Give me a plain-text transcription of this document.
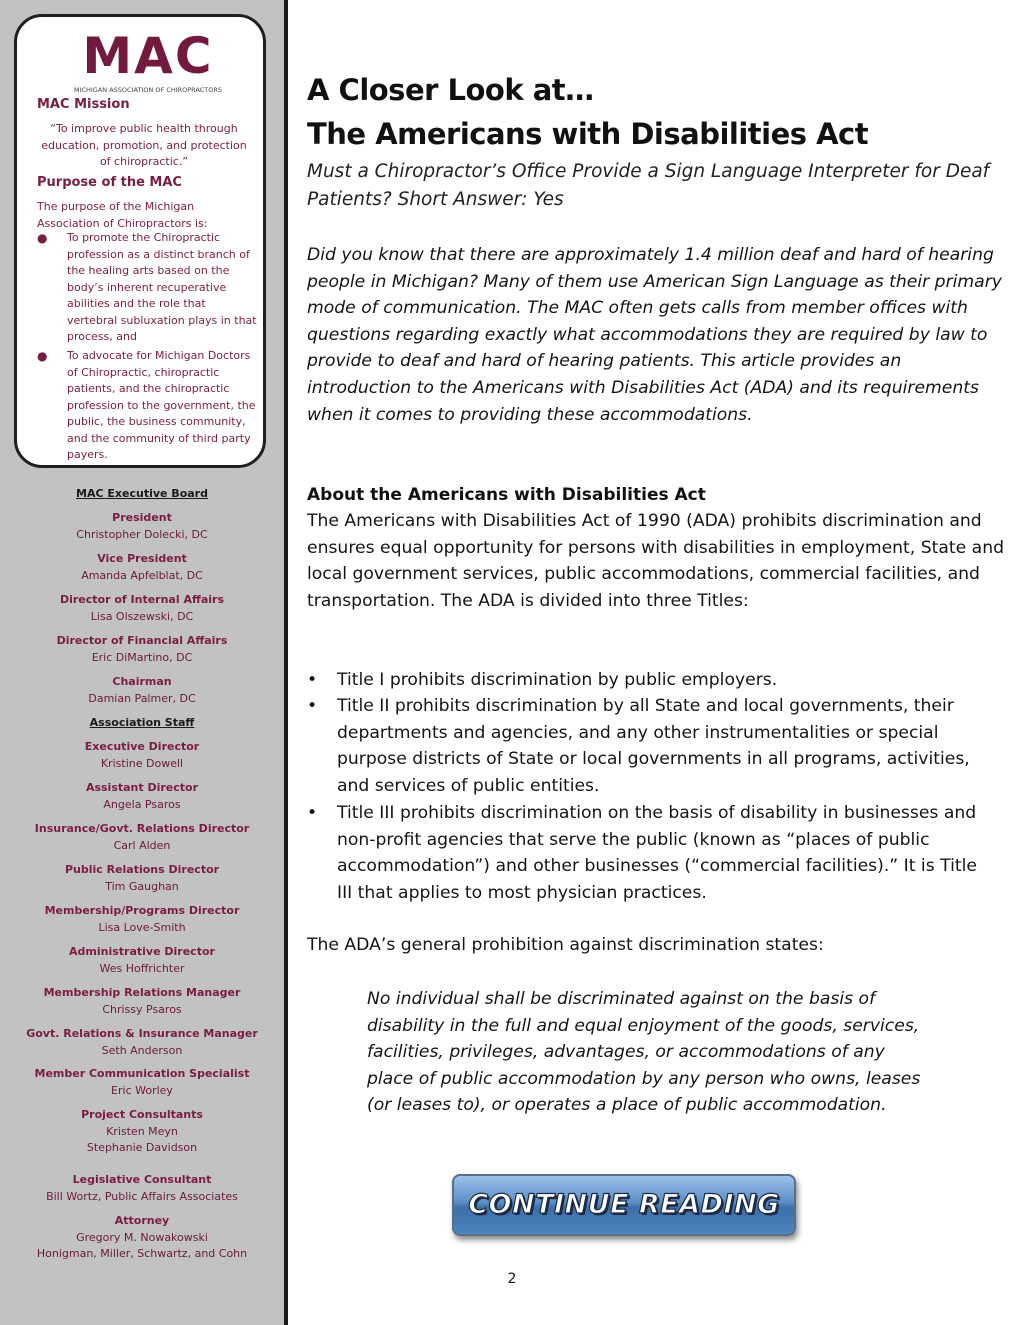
MAC
MICHIGAN ASSOCIATION OF CHIROPRACTORS
MAC Mission
“To improve public health through education, promotion, and protection of chiropractic.”
Purpose of the MAC
The purpose of the Michigan Association of Chiropractors is:
● To promote the Chiropractic profession as a distinct branch of the healing arts based on the body’s inherent recuperative abilities and the role that vertebral subluxation plays in that process, and
● To advocate for Michigan Doctors of Chiropractic, chiropractic patients, and the chiropractic profession to the government, the public, the business community, and the community of third party payers.
MAC Executive Board
President
Christopher Dolecki, DC
Vice President
Amanda Apfelblat, DC
Director of Internal Affairs
Lisa Olszewski, DC
Director of Financial Affairs
Eric DiMartino, DC
Chairman
Damian Palmer, DC
Association Staff
Executive Director
Kristine Dowell
Assistant Director
Angela Psaros
Insurance/Govt. Relations Director
Carl Alden
Public Relations Director
Tim Gaughan
Membership/Programs Director
Lisa Love-Smith
Administrative Director
Wes Hoffrichter
Membership Relations Manager
Chrissy Psaros
Govt. Relations & Insurance Manager
Seth Anderson
Member Communication Specialist
Eric Worley
Project Consultants
Kristen Meyn
Stephanie Davidson
Legislative Consultant
Bill Wortz, Public Affairs Associates
Attorney
Gregory M. Nowakowski
Honigman, Miller, Schwartz, and Cohn
A Closer Look at…
The Americans with Disabilities Act
Must a Chiropractor’s Office Provide a Sign Language Interpreter for Deaf Patients? Short Answer: Yes
Did you know that there are approximately 1.4 million deaf and hard of hearing people in Michigan? Many of them use American Sign Language as their primary mode of communication. The MAC often gets calls from member offices with questions regarding exactly what accommodations they are required by law to provide to deaf and hard of hearing patients. This article provides an introduction to the Americans with Disabilities Act (ADA) and its requirements when it comes to providing these accommodations.
About the Americans with Disabilities Act
The Americans with Disabilities Act of 1990 (ADA) prohibits discrimination and ensures equal opportunity for persons with disabilities in employment, State and local government services, public accommodations, commercial facilities, and transportation. The ADA is divided into three Titles:
• Title I prohibits discrimination by public employers.
• Title II prohibits discrimination by all State and local governments, their departments and agencies, and any other instrumentalities or special purpose districts of State or local governments in all programs, activities, and services of public entities.
• Title III prohibits discrimination on the basis of disability in businesses and non-profit agencies that serve the public (known as “places of public accommodation”) and other businesses (“commercial facilities).” It is Title III that applies to most physician practices.
The ADA’s general prohibition against discrimination states:
No individual shall be discriminated against on the basis of disability in the full and equal enjoyment of the goods, services, facilities, privileges, advantages, or accommodations of any place of public accommodation by any person who owns, leases (or leases to), or operates a place of public accommodation.
CONTINUE READING
2
